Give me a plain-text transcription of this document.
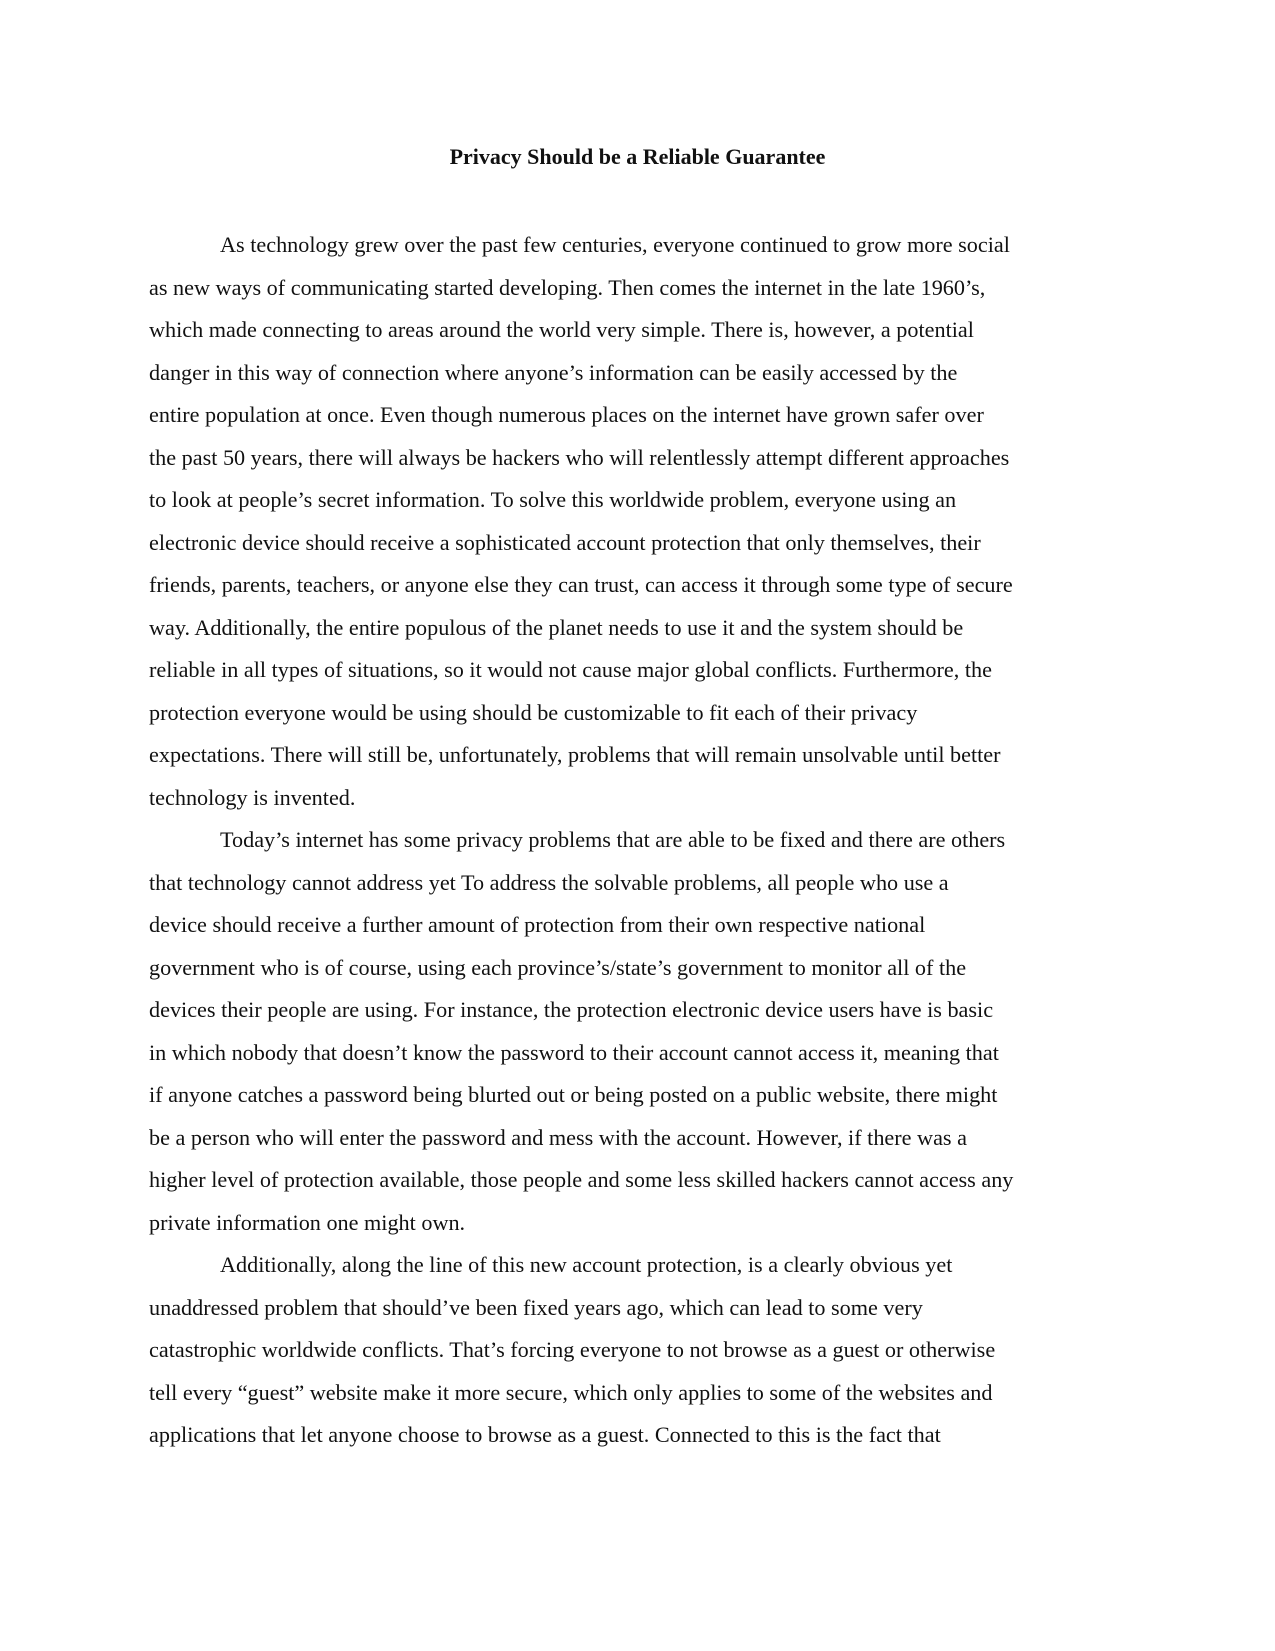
Privacy Should be a Reliable Guarantee
As technology grew over the past few centuries, everyone continued to grow more social
as new ways of communicating started developing. Then comes the internet in the late 1960’s,
which made connecting to areas around the world very simple. There is, however, a potential
danger in this way of connection where anyone’s information can be easily accessed by the
entire population at once. Even though numerous places on the internet have grown safer over
the past 50 years, there will always be hackers who will relentlessly attempt different approaches
to look at people’s secret information. To solve this worldwide problem, everyone using an
electronic device should receive a sophisticated account protection that only themselves, their
friends, parents, teachers, or anyone else they can trust, can access it through some type of secure
way. Additionally, the entire populous of the planet needs to use it and the system should be
reliable in all types of situations, so it would not cause major global conflicts. Furthermore, the
protection everyone would be using should be customizable to fit each of their privacy
expectations. There will still be, unfortunately, problems that will remain unsolvable until better
technology is invented.
Today’s internet has some privacy problems that are able to be fixed and there are others
that technology cannot address yet To address the solvable problems, all people who use a
device should receive a further amount of protection from their own respective national
government who is of course, using each province’s/state’s government to monitor all of the
devices their people are using. For instance, the protection electronic device users have is basic
in which nobody that doesn’t know the password to their account cannot access it, meaning that
if anyone catches a password being blurted out or being posted on a public website, there might
be a person who will enter the password and mess with the account. However, if there was a
higher level of protection available, those people and some less skilled hackers cannot access any
private information one might own.
Additionally, along the line of this new account protection, is a clearly obvious yet
unaddressed problem that should’ve been fixed years ago, which can lead to some very
catastrophic worldwide conflicts. That’s forcing everyone to not browse as a guest or otherwise
tell every “guest” website make it more secure, which only applies to some of the websites and
applications that let anyone choose to browse as a guest. Connected to this is the fact that
